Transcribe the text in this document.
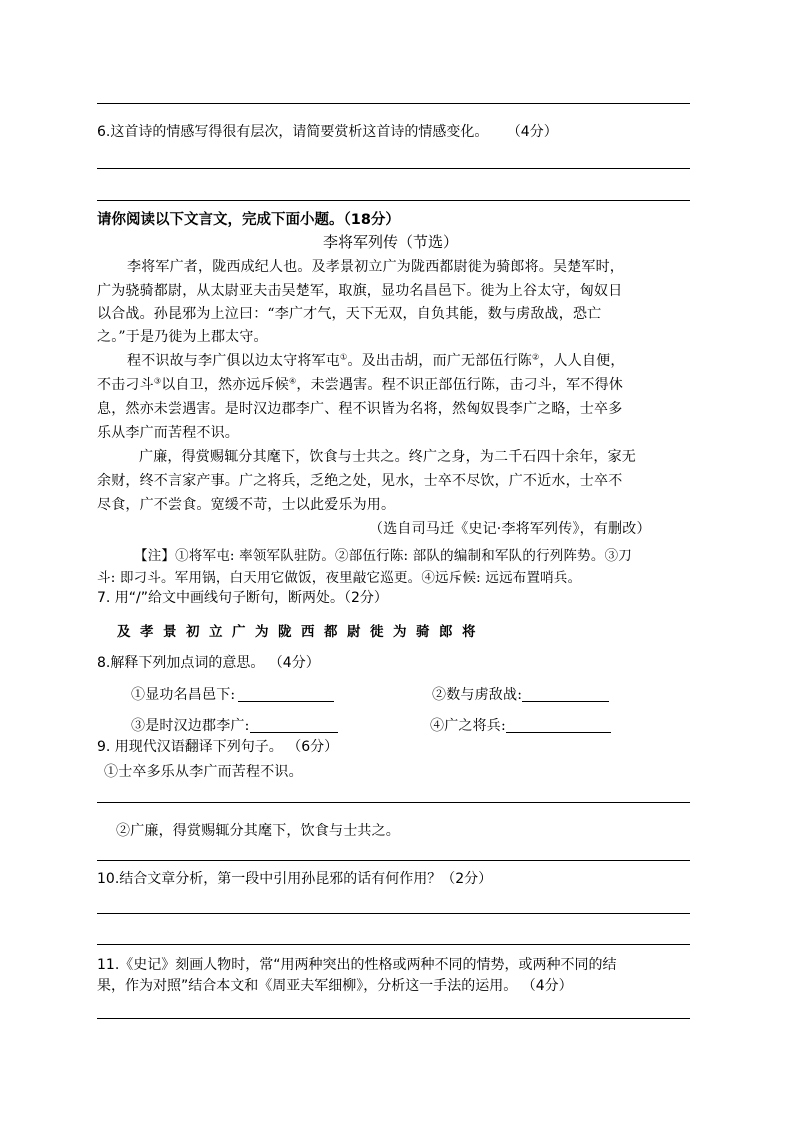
6.这首诗的情感写得很有层次，请简要赏析这首诗的情感变化。 （4分）
请你阅读以下文言文，完成下面小题。（18分）
李将军列传（节选）
李将军广者，陇西成纪人也。及孝景初立广为陇西都尉徙为骑郎将。吴楚军时，
广为骁骑都尉，从太尉亚夫击吴楚军，取旗，显功名昌邑下。徙为上谷太守，匈奴日
以合战。孙昆邪为上泣曰：“李广才气，天下无双，自负其能，数与虏敌战，恐亡
之。”于是乃徙为上郡太守。
程不识故与李广俱以边太守将军屯①。及出击胡，而广无部伍行陈②，人人自便，
不击刁斗③以自卫，然亦远斥候④，未尝遇害。程不识正部伍行陈，击刁斗，军不得休
息，然亦未尝遇害。是时汉边郡李广、程不识皆为名将，然匈奴畏李广之略，士卒多
乐从李广而苦程不识。
广廉，得赏赐辄分其麾下，饮食与士共之。终广之身，为二千石四十余年，家无
余财，终不言家产事。广之将兵，乏绝之处，见水，士卒不尽饮，广不近水，士卒不
尽食，广不尝食。宽缓不苛，士以此爱乐为用。
（选自司马迁《史记·李将军列传》，有删改）
【注】①将军屯: 率领军队驻防。②部伍行陈: 部队的编制和军队的行列阵势。③刀
斗: 即刁斗。军用锅，白天用它做饭，夜里敲它巡更。④远斥候: 远远布置哨兵。
7. 用“/”给文中画线句子断句，断两处。（2分）
及孝景初立广为陇西都尉徙为骑郎将
8.解释下列加点词的意思。 （4分）
①显功名昌邑下:	②数与虏敌战:
③是时汉边郡李广:	④广之将兵:
9. 用现代汉语翻译下列句子。 （6分）
①士卒多乐从李广而苦程不识。
②广廉，得赏赐辄分其麾下，饮食与士共之。
10.结合文章分析，第一段中引用孙昆邪的话有何作用？（2分）
11.《史记》刻画人物时，常“用两种突出的性格或两种不同的情势，或两种不同的结
果，作为对照”结合本文和《周亚夫军细柳》，分析这一手法的运用。 （4分）
